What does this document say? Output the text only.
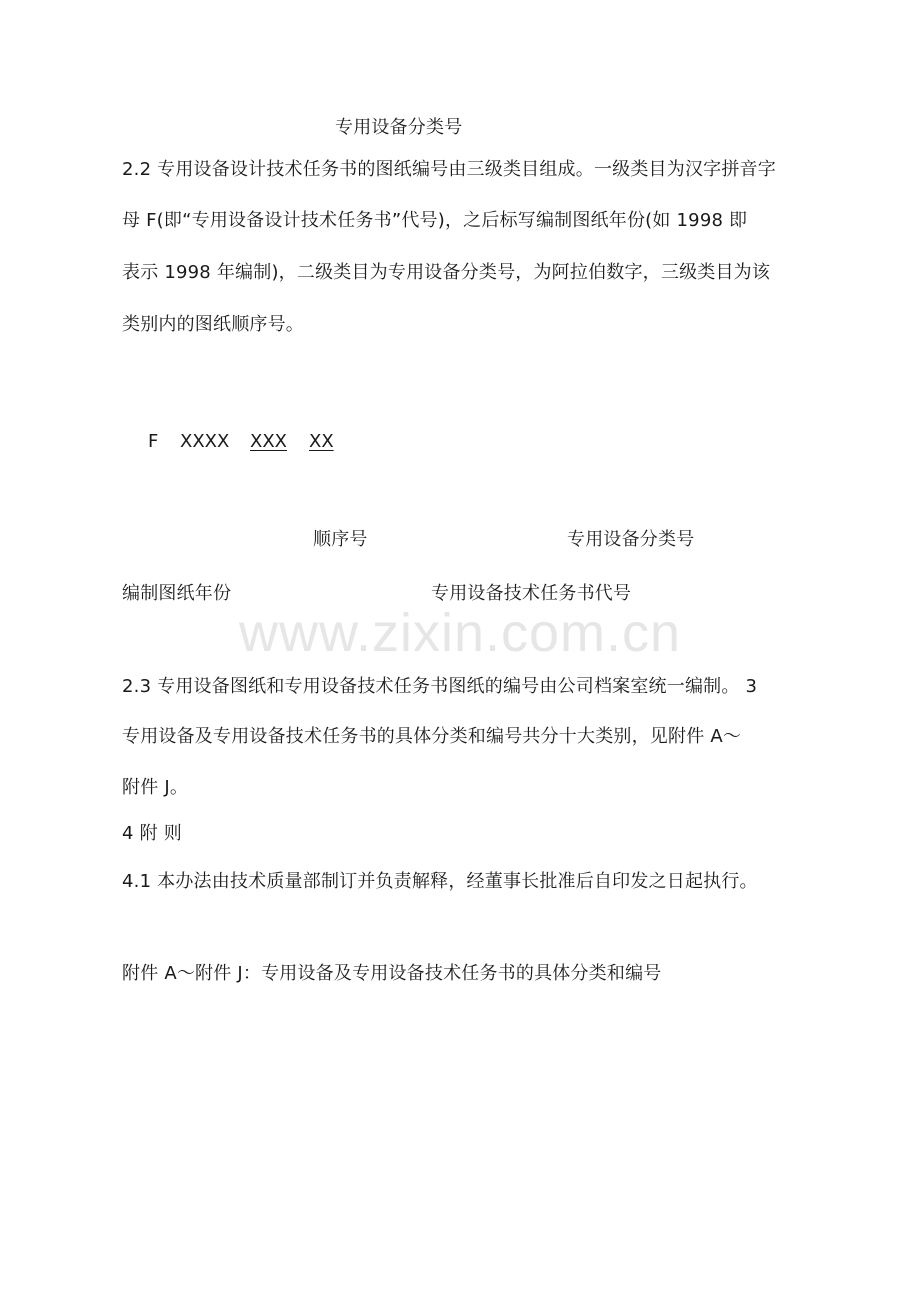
www.zixin.com.cn
专用设备分类号
2.2 专用设备设计技术任务书的图纸编号由三级类目组成。一级类目为汉字拼音字
母 F(即“专用设备设计技术任务书”代号)，之后标写编制图纸年份(如 1998 即
表示 1998 年编制)，二级类目为专用设备分类号，为阿拉伯数字，三级类目为该
类别内的图纸顺序号。
F XXXX XXX XX
顺序号	专用设备分类号
编制图纸年份	专用设备技术任务书代号
2.3 专用设备图纸和专用设备技术任务书图纸的编号由公司档案室统一编制。 3
专用设备及专用设备技术任务书的具体分类和编号共分十大类别，见附件 A～
附件 J。
4 附 则
4.1 本办法由技术质量部制订并负责解释，经董事长批准后自印发之日起执行。
附件 A～附件 J：专用设备及专用设备技术任务书的具体分类和编号
